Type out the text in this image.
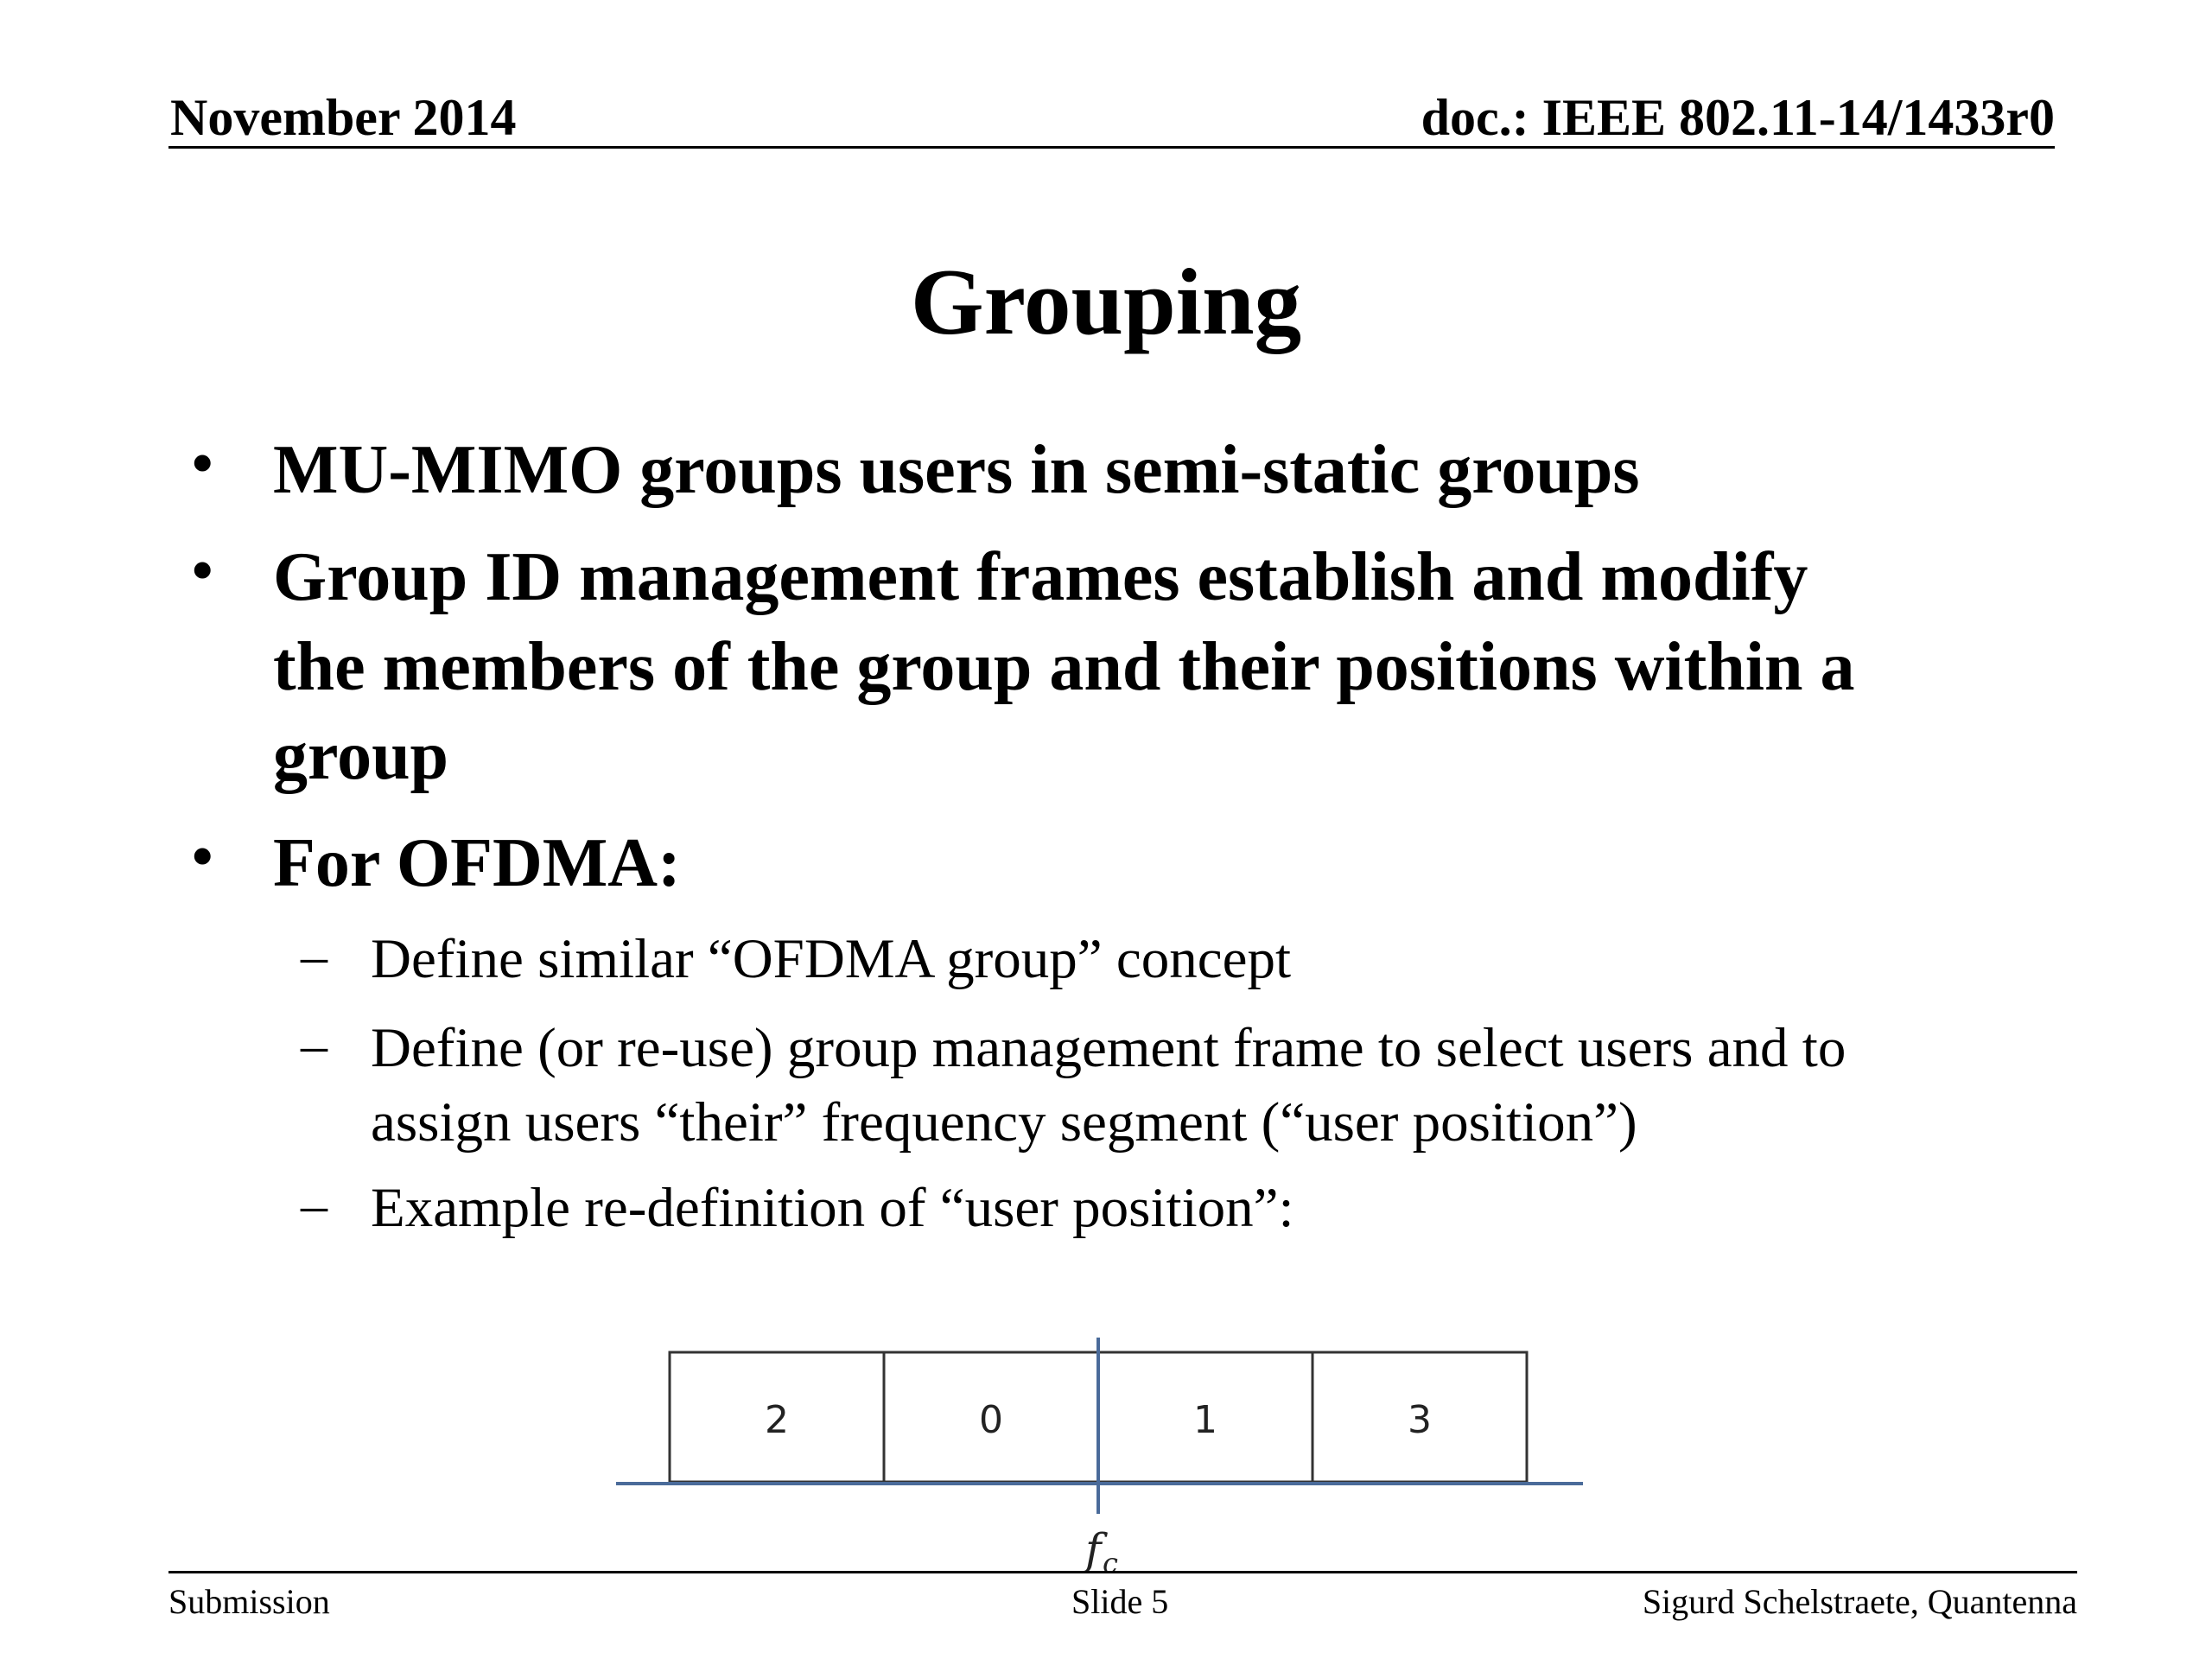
November 2014	doc.: IEEE 802.11-14/1433r0
Grouping
• MU-MIMO groups users in semi-static groups
• Group ID management frames establish and modify
the members of the group and their positions within a
group
• For OFDMA:
– Define similar “OFDMA group” concept
– Define (or re-use) group management frame to select users and to
assign users “their” frequency segment (“user position”)
– Example re-definition of “user position”:
2	0	1	3
f c
Submission	Slide 5	Sigurd Schelstraete, Quantenna
